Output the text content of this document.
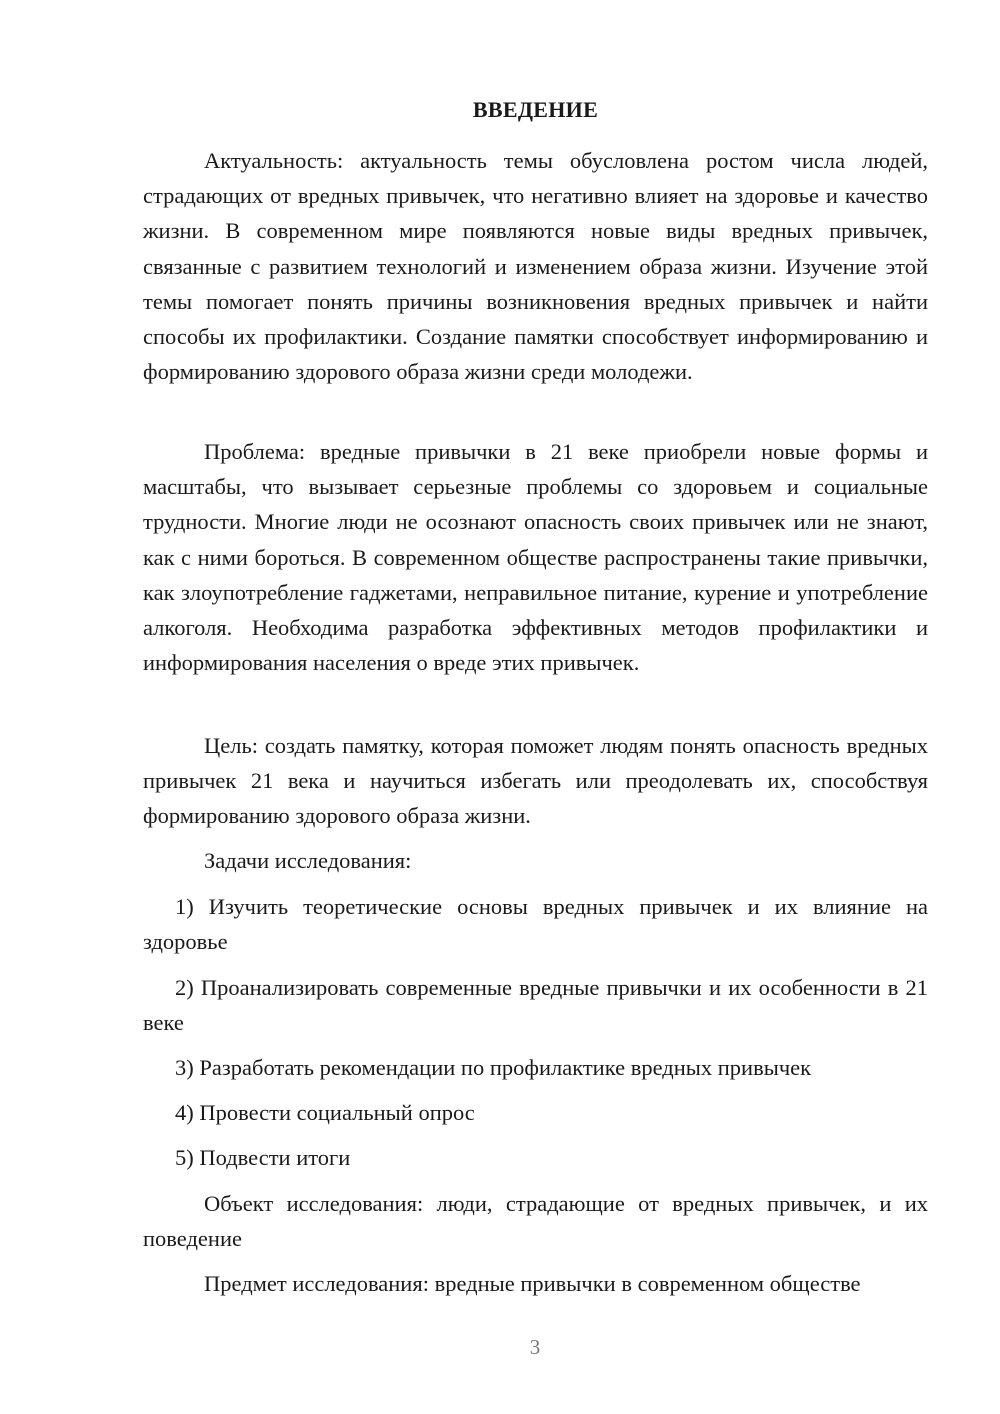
ВВЕДЕНИЕ

Актуальность: актуальность темы обусловлена ростом числа людей, страдающих от вредных привычек, что негативно влияет на здоровье и качество жизни. В современном мире появляются новые виды вредных привычек, связанные с развитием технологий и изменением образа жизни. Изучение этой темы помогает понять причины возникновения вредных привычек и найти способы их профилактики. Создание памятки способствует информированию и формированию здорового образа жизни среди молодежи.

Проблема: вредные привычки в 21 веке приобрели новые формы и масштабы, что вызывает серьезные проблемы со здоровьем и социальные трудности. Многие люди не осознают опасность своих привычек или не знают, как с ними бороться. В современном обществе распространены такие привычки, как злоупотребление гаджетами, неправильное питание, курение и употребление алкоголя. Необходима разработка эффективных методов профилактики и информирования населения о вреде этих привычек.

Цель: создать памятку, которая поможет людям понять опасность вредных привычек 21 века и научиться избегать или преодолевать их, способствуя формированию здорового образа жизни.

Задачи исследования:

1) Изучить теоретические основы вредных привычек и их влияние на здоровье

2) Проанализировать современные вредные привычки и их особенности в 21 веке

3) Разработать рекомендации по профилактике вредных привычек

4) Провести социальный опрос

5) Подвести итоги

Объект исследования: люди, страдающие от вредных привычек, и их поведение

Предмет исследования: вредные привычки в современном обществе

3
